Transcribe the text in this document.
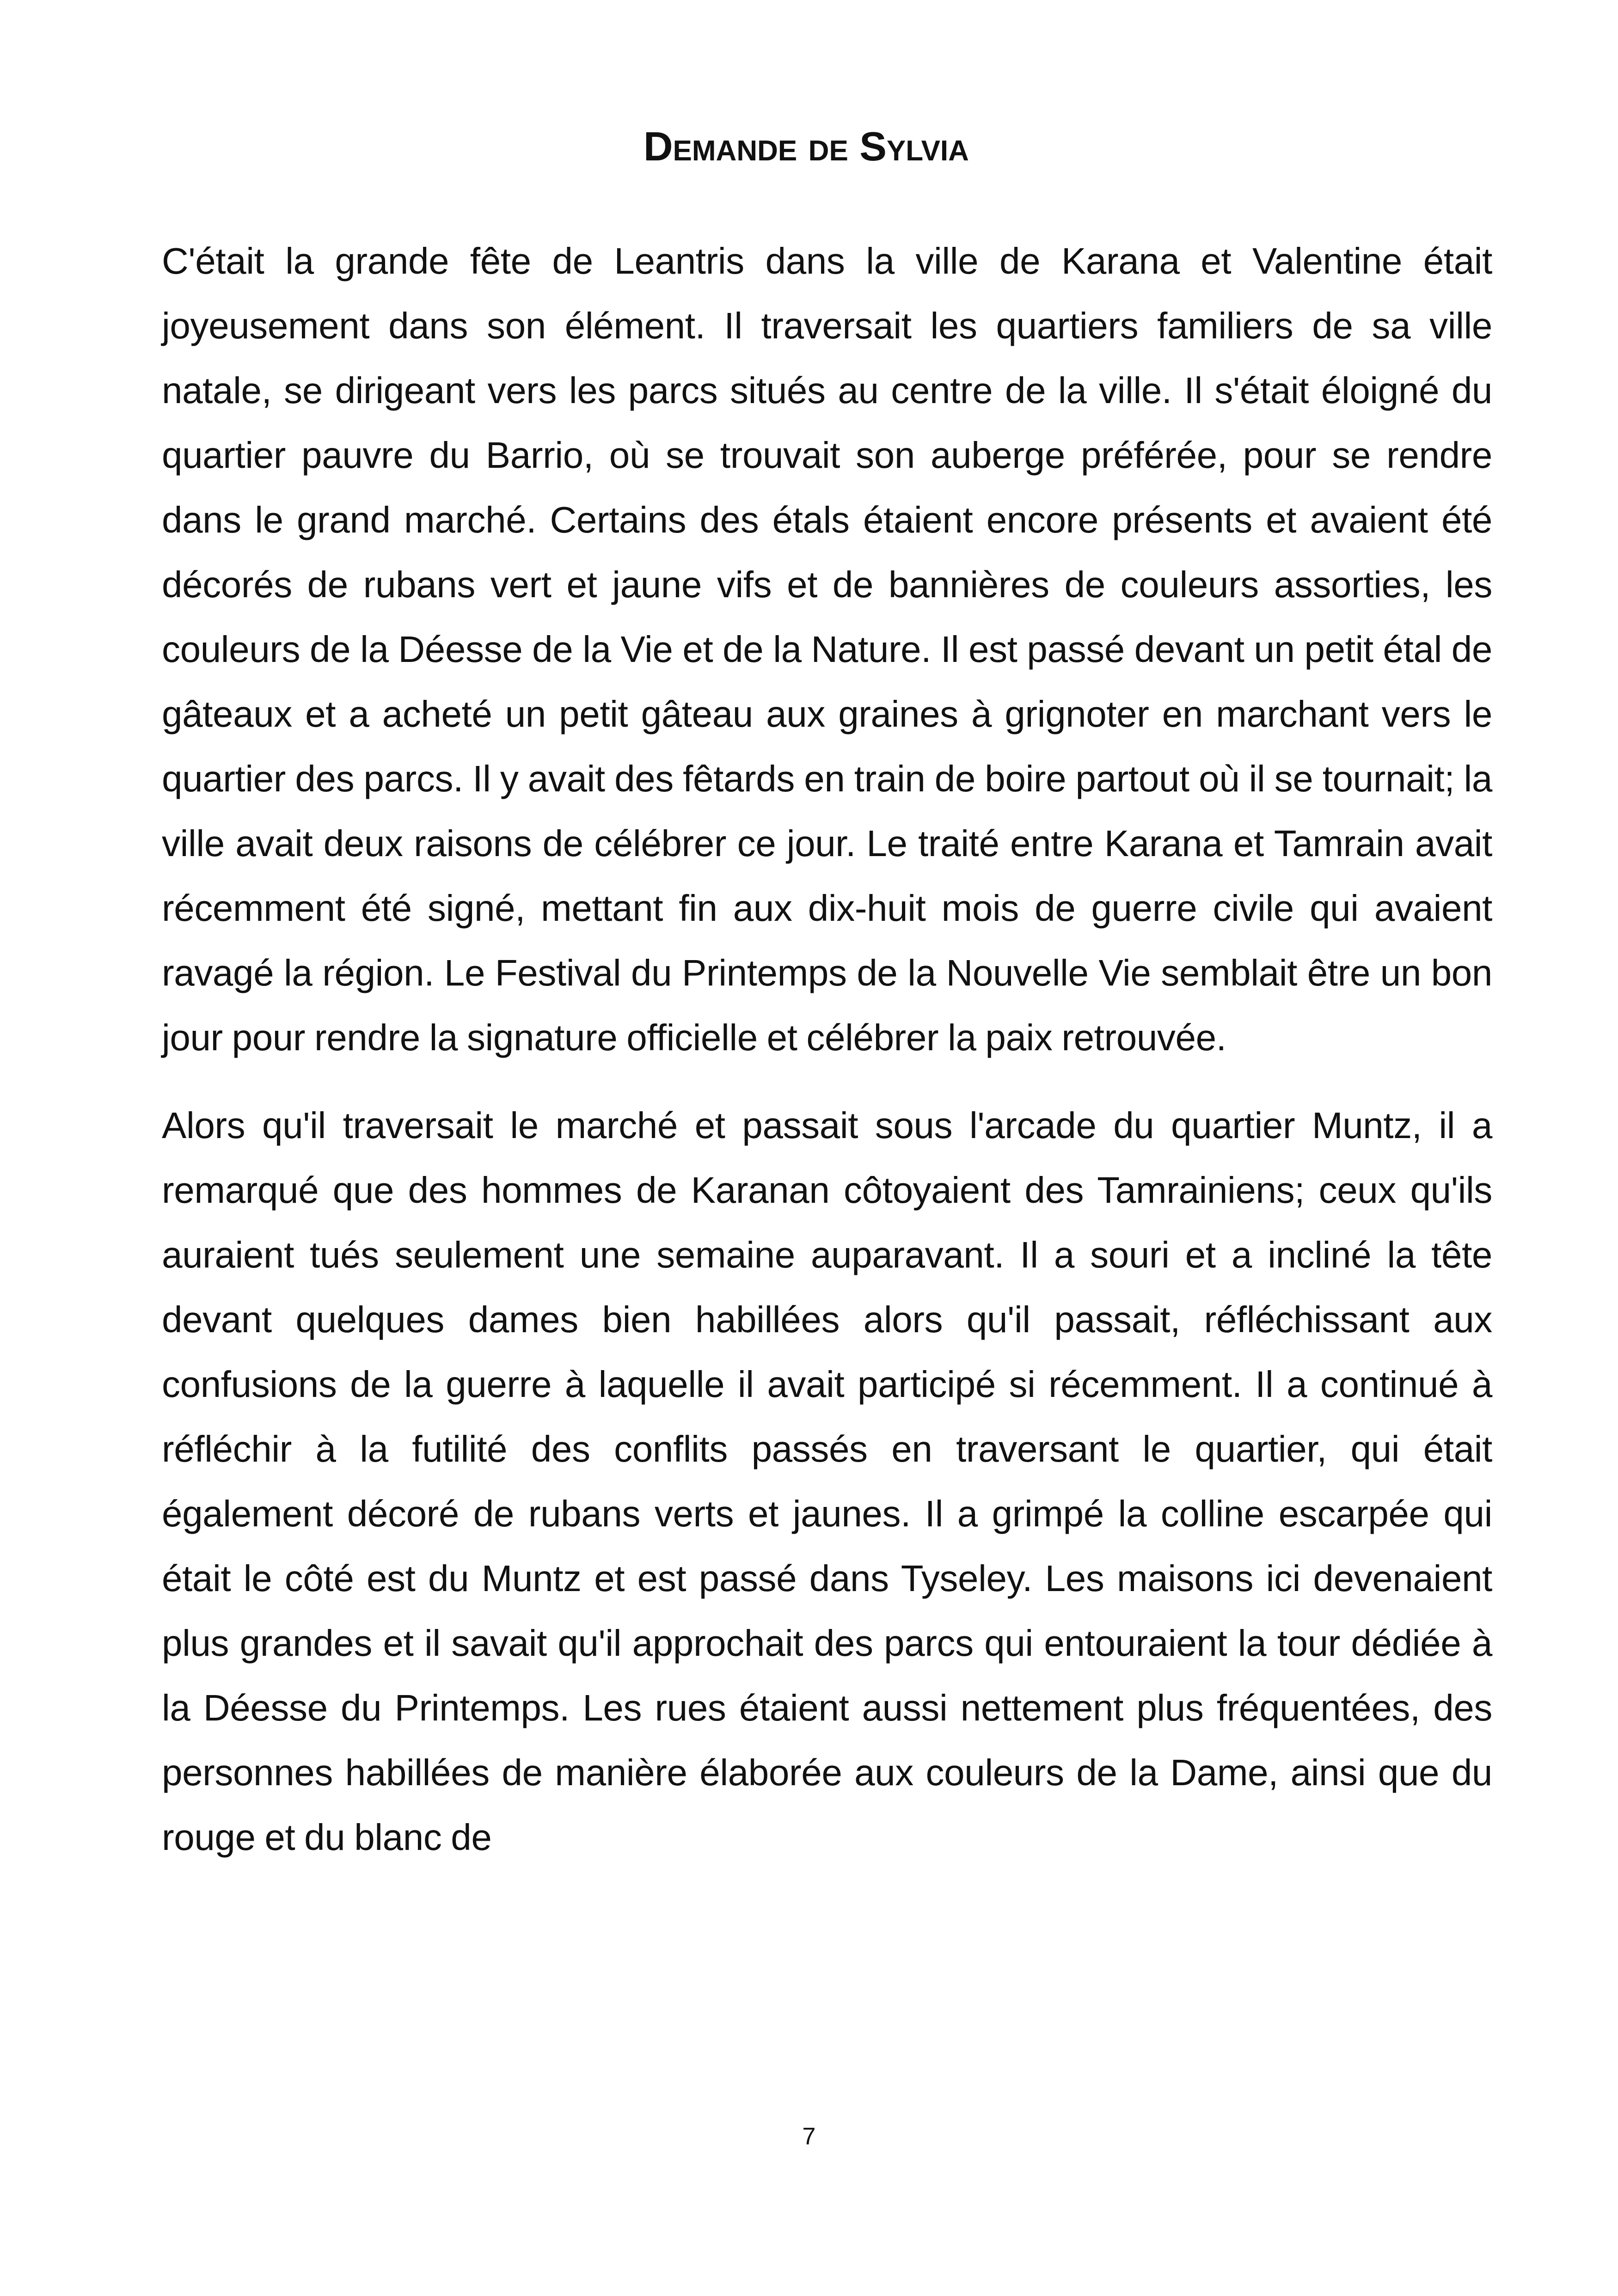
Demande de Sylvia

C'était la grande fête de Leantris dans la ville de Karana et Valentine était joyeusement dans son élément. Il traversait les quartiers familiers de sa ville natale, se dirigeant vers les parcs situés au centre de la ville. Il s'était éloigné du quartier pauvre du Barrio, où se trouvait son auberge préférée, pour se rendre dans le grand marché. Certains des étals étaient encore présents et avaient été décorés de rubans vert et jaune vifs et de bannières de couleurs assorties, les couleurs de la Déesse de la Vie et de la Nature. Il est passé devant un petit étal de gâteaux et a acheté un petit gâteau aux graines à grignoter en marchant vers le quartier des parcs. Il y avait des fêtards en train de boire partout où il se tournait; la ville avait deux raisons de célébrer ce jour. Le traité entre Karana et Tamrain avait récemment été signé, mettant fin aux dix-huit mois de guerre civile qui avaient ravagé la région. Le Festival du Printemps de la Nouvelle Vie semblait être un bon jour pour rendre la signature officielle et célébrer la paix retrouvée.

Alors qu'il traversait le marché et passait sous l'arcade du quartier Muntz, il a remarqué que des hommes de Karanan côtoyaient des Tamrainiens; ceux qu'ils auraient tués seulement une semaine auparavant. Il a souri et a incliné la tête devant quelques dames bien habillées alors qu'il passait, réfléchissant aux confusions de la guerre à laquelle il avait participé si récemment. Il a continué à réfléchir à la futilité des conflits passés en traversant le quartier, qui était également décoré de rubans verts et jaunes. Il a grimpé la colline escarpée qui était le côté est du Muntz et est passé dans Tyseley. Les maisons ici devenaient plus grandes et il savait qu'il approchait des parcs qui entouraient la tour dédiée à la Déesse du Printemps. Les rues étaient aussi nettement plus fréquentées, des personnes habillées de manière élaborée aux couleurs de la Dame, ainsi que du rouge et du blanc de

7
